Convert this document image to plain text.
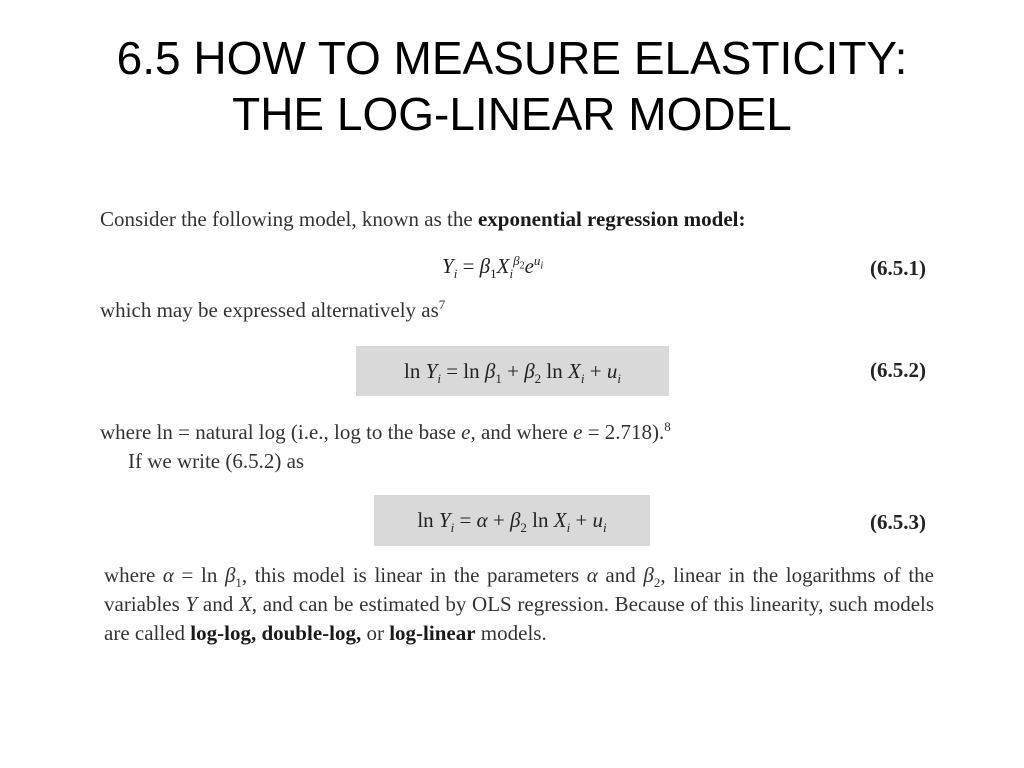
6.5 HOW TO MEASURE ELASTICITY:
THE LOG-LINEAR MODEL
Consider the following model, known as the exponential regression model:
$Y_i = \beta_1X_i^{\beta_2}e^{u_i}$	(6.5.1)
which may be expressed alternatively $as^7$
$\ln Y_i = \ln \beta_1 + \beta_2$ $\ln X_i + u_i$	(6.5.2)
where ln = natural log (i.e., log to the base e, and where e = 2.718).$^8$
If we write (6.5.2) as
$\ln Y_i = \alpha + \beta_2$ $\ln X_i + u_i$	(6.5.3)
where $\alpha = \ln \beta_1$, this model is linear in the parameters α and $\beta_2$, linear in the logarithms of the variables Y and X, and can be estimated by OLS regression. Because of this linearity, such models are called log-log, double-log, or log-linear models.
